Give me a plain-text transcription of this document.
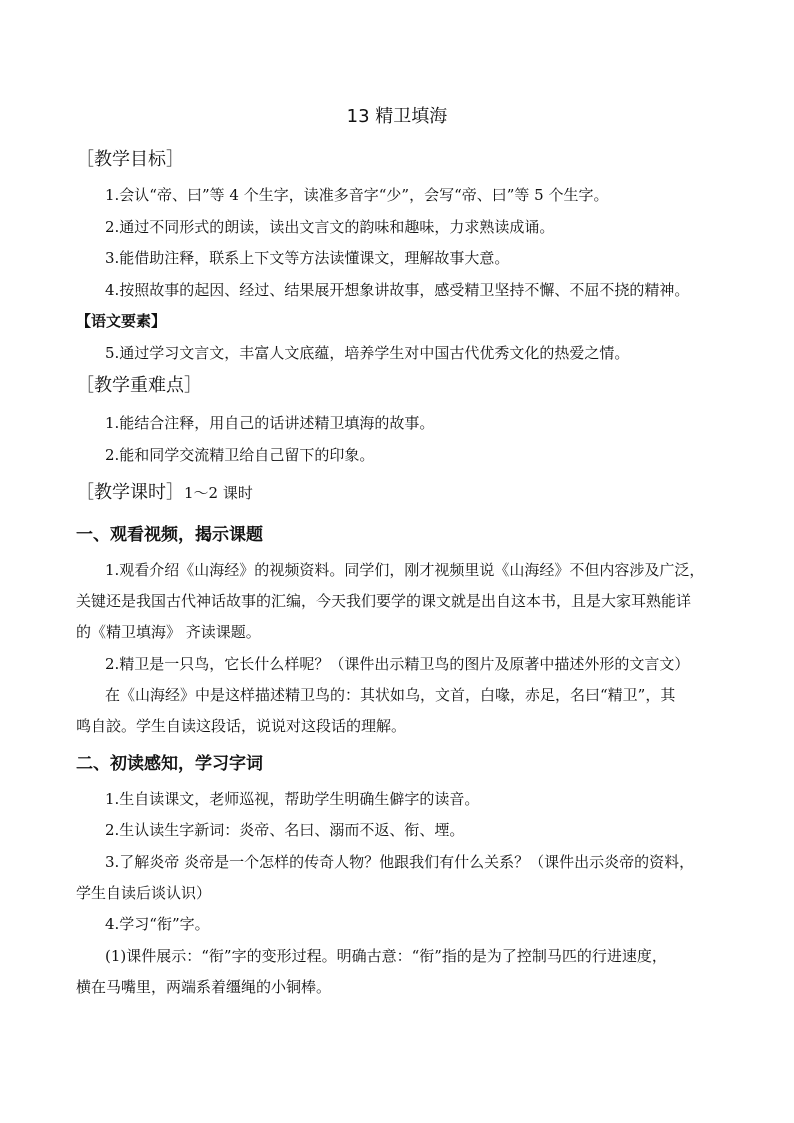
13 精卫填海
［教学目标］
1.会认“帝、曰”等 4 个生字，读准多音字“少”，会写“帝、曰”等 5 个生字。
2.通过不同形式的朗读，读出文言文的韵味和趣味，力求熟读成诵。
3.能借助注释，联系上下文等方法读懂课文，理解故事大意。
4.按照故事的起因、经过、结果展开想象讲故事，感受精卫坚持不懈、不屈不挠的精神。
【语文要素】
5.通过学习文言文，丰富人文底蕴，培养学生对中国古代优秀文化的热爱之情。
［教学重难点］
1.能结合注释，用自己的话讲述精卫填海的故事。
2.能和同学交流精卫给自己留下的印象。
［教学课时］1～2 课时
一、观看视频，揭示课题
1.观看介绍《山海经》的视频资料。同学们，刚才视频里说《山海经》不但内容涉及广泛，
关键还是我国古代神话故事的汇编，今天我们要学的课文就是出自这本书，且是大家耳熟能详
的《精卫填海》 齐读课题。
2.精卫是一只鸟，它长什么样呢？（课件出示精卫鸟的图片及原著中描述外形的文言文）
在《山海经》中是这样描述精卫鸟的：其状如乌，文首，白喙，赤足，名曰“精卫”，其
鸣自詨。学生自读这段话，说说对这段话的理解。
二、初读感知，学习字词
1.生自读课文，老师巡视，帮助学生明确生僻字的读音。
2.生认读生字新词：炎帝、名曰、溺而不返、衔、堙。
3.了解炎帝 炎帝是一个怎样的传奇人物？他跟我们有什么关系？（课件出示炎帝的资料，
学生自读后谈认识）
4.学习“衔”字。
(1)课件展示：“衔”字的变形过程。明确古意：“衔”指的是为了控制马匹的行进速度，
横在马嘴里，两端系着缰绳的小铜棒。
